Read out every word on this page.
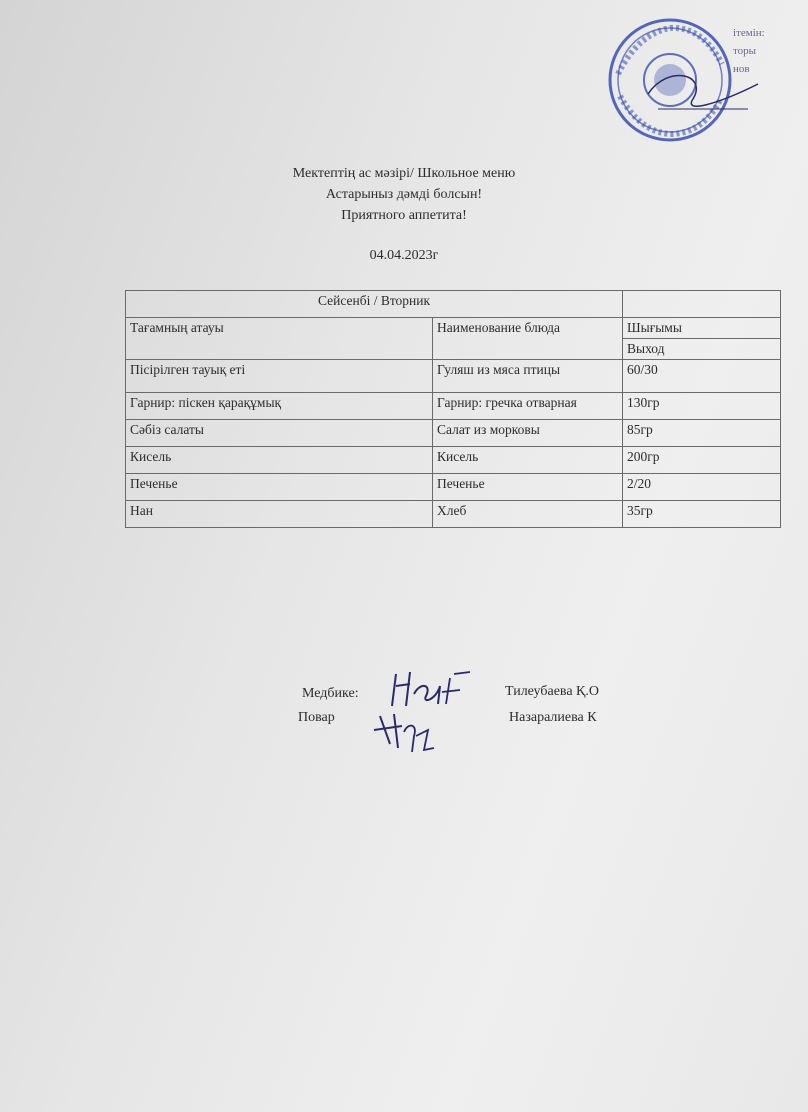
ітемін:
торы
нов
Мектептің ас мәзірі/ Школьное меню
Астарыныз дәмді болсын!
Приятного аппетита!
04.04.2023г
Сейсенбі / Вторник		
Тағамның атауы	Наименование блюда	Шығымы
Выход

Пісірілген тауық еті	Гуляш из мяса птицы	60/30
Гарнир: піскен қарақұмық	Гарнир: гречка отварная	130гр
Сәбіз салаты	Салат из морковы	85гр
Кисель	Кисель	200гр
Печенье	Печенье	2/20
Нан	Хлеб	35гр
Медбике:	Тилеубаева Қ.О
Повар	Назаралиева К
